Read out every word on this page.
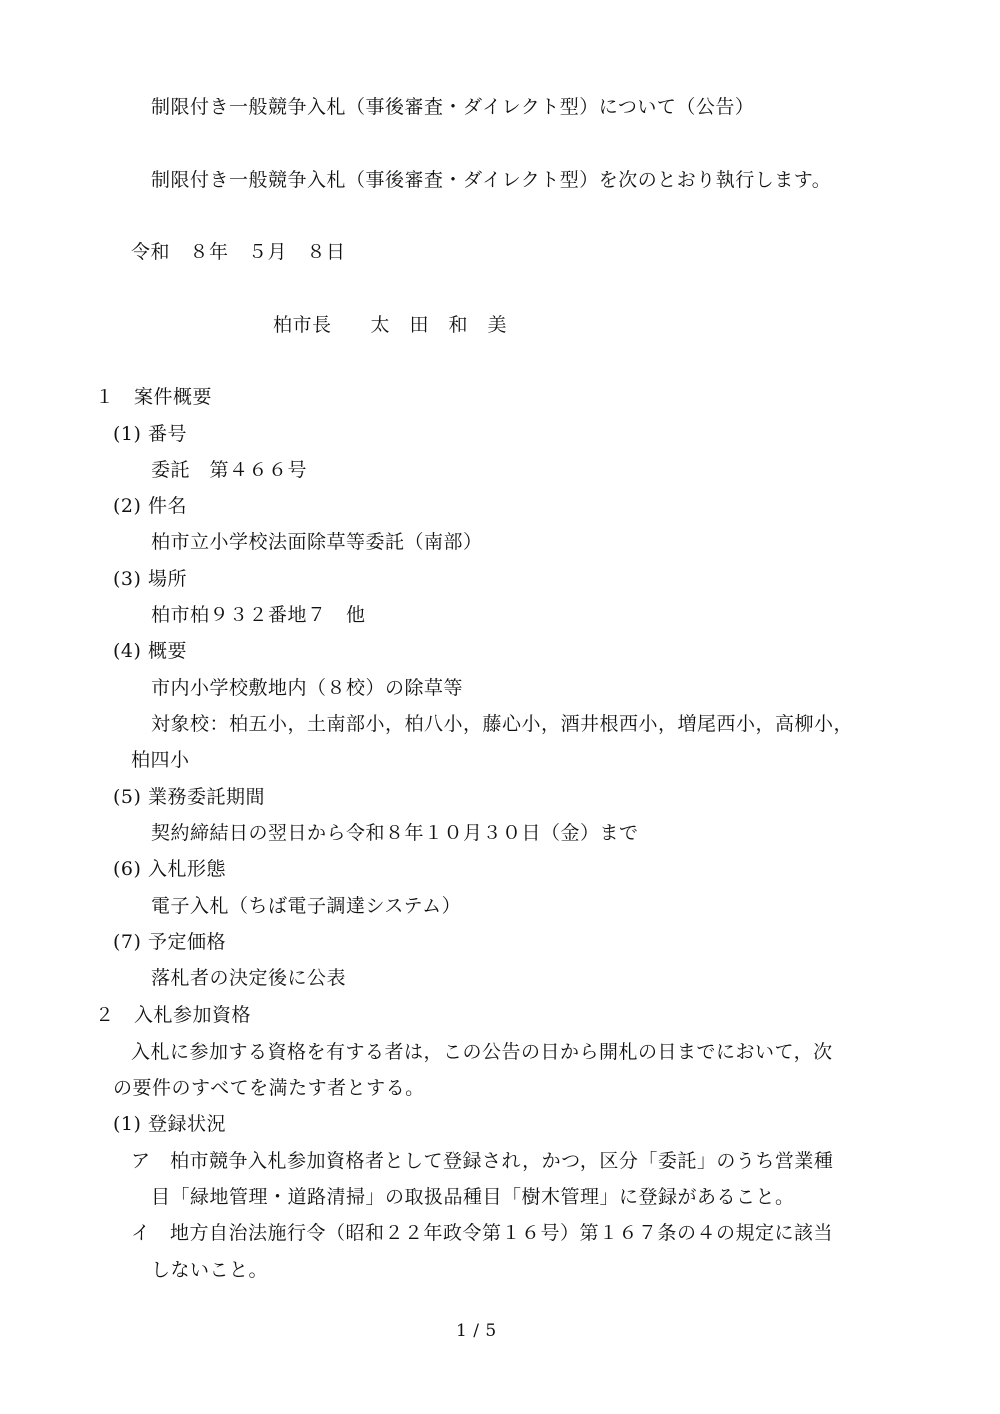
制限付き一般競争入札（事後審査・ダイレクト型）について（公告）
制限付き一般競争入札（事後審査・ダイレクト型）を次のとおり執行します。
令和　８年　５月　８日
柏市長　　太　田　和　美
１　案件概要
(1) 番号
委託　第４６６号
(2) 件名
柏市立小学校法面除草等委託（南部）
(3) 場所
柏市柏９３２番地７　他
(4) 概要
市内小学校敷地内（８校）の除草等
対象校：柏五小，土南部小，柏八小，藤心小，酒井根西小，増尾西小，高柳小，
柏四小
(5) 業務委託期間
契約締結日の翌日から令和８年１０月３０日（金）まで
(6) 入札形態
電子入札（ちば電子調達システム）
(7) 予定価格
落札者の決定後に公表
２　入札参加資格
入札に参加する資格を有する者は，この公告の日から開札の日までにおいて，次
の要件のすべてを満たす者とする。
(1) 登録状況
ア　柏市競争入札参加資格者として登録され，かつ，区分「委託」のうち営業種
目「緑地管理・道路清掃」の取扱品種目「樹木管理」に登録があること。
イ　地方自治法施行令（昭和２２年政令第１６号）第１６７条の４の規定に該当
しないこと。
1 / 5
